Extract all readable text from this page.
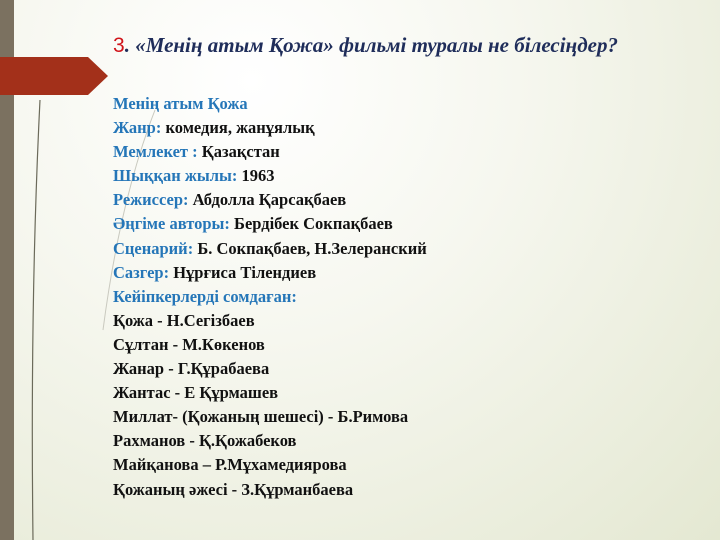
3. «Менің атым Қожа» фильмі туралы не білесіңдер?
Менің атым Қожа
Жанр: комедия, жанұялық
Мемлекет : Қазақстан
Шыққан жылы: 1963
Режиссер: Абдолла Қарсақбаев
Әңгіме авторы: Бердібек Сокпақбаев
Сценарий: Б. Сокпақбаев, Н.Зелеранский
Сазгер: Нұрғиса Тілендиев
Кейіпкерлерді сомдаған:
Қожа - Н.Сегізбаев
Сұлтан - М.Көкенов
Жанар - Г.Құрабаева
Жантас - Е Құрмашев
Миллат- (Қожаның шешесі) - Б.Римова
Рахманов - Қ.Қожабеков
Майқанова – Р.Мұхамедиярова
Қожаның әжесі - З.Құрманбаева
